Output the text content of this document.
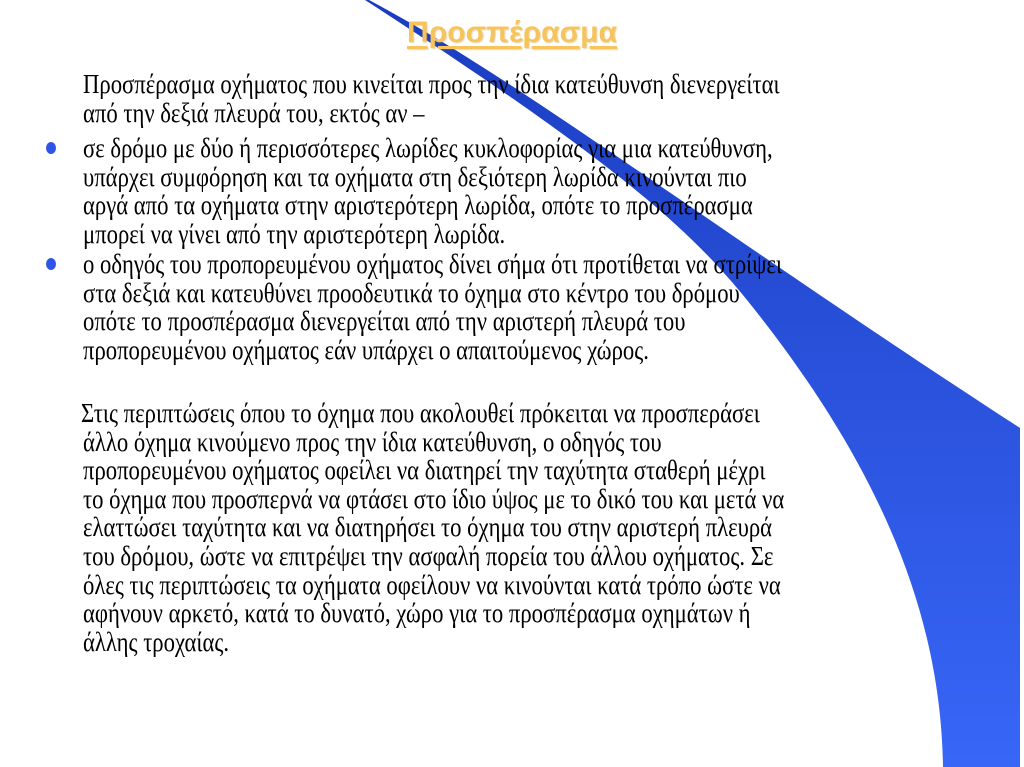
Προσπέρασμα
Προσπέρασμα οχήματος που κινείται προς την ίδια κατεύθυνση διενεργείται
από την δεξιά πλευρά του, εκτός αν –
σε δρόμο με δύο ή περισσότερες λωρίδες κυκλοφορίας για μια κατεύθυνση,
υπάρχει συμφόρηση και τα οχήματα στη δεξιότερη λωρίδα κινούνται πιο
αργά από τα οχήματα στην αριστερότερη λωρίδα, οπότε το προσπέρασμα
μπορεί να γίνει από την αριστερότερη λωρίδα.
ο οδηγός του προπορευμένου οχήματος δίνει σήμα ότι προτίθεται να στρίψει
στα δεξιά και κατευθύνει προοδευτικά το όχημα στο κέντρο του δρόμου
οπότε το προσπέρασμα διενεργείται από την αριστερή πλευρά του
προπορευμένου οχήματος εάν υπάρχει ο απαιτούμενος χώρος.
Στις περιπτώσεις όπου το όχημα που ακολουθεί πρόκειται να προσπεράσει
άλλο όχημα κινούμενο προς την ίδια κατεύθυνση, ο οδηγός του
προπορευμένου οχήματος οφείλει να διατηρεί την ταχύτητα σταθερή μέχρι
το όχημα που προσπερνά να φτάσει στο ίδιο ύψος με το δικό του και μετά να
ελαττώσει ταχύτητα και να διατηρήσει το όχημα του στην αριστερή πλευρά
του δρόμου, ώστε να επιτρέψει την ασφαλή πορεία του άλλου οχήματος. Σε
όλες τις περιπτώσεις τα οχήματα οφείλουν να κινούνται κατά τρόπο ώστε να
αφήνουν αρκετό, κατά το δυνατό, χώρο για το προσπέρασμα οχημάτων ή
άλλης τροχαίας.
